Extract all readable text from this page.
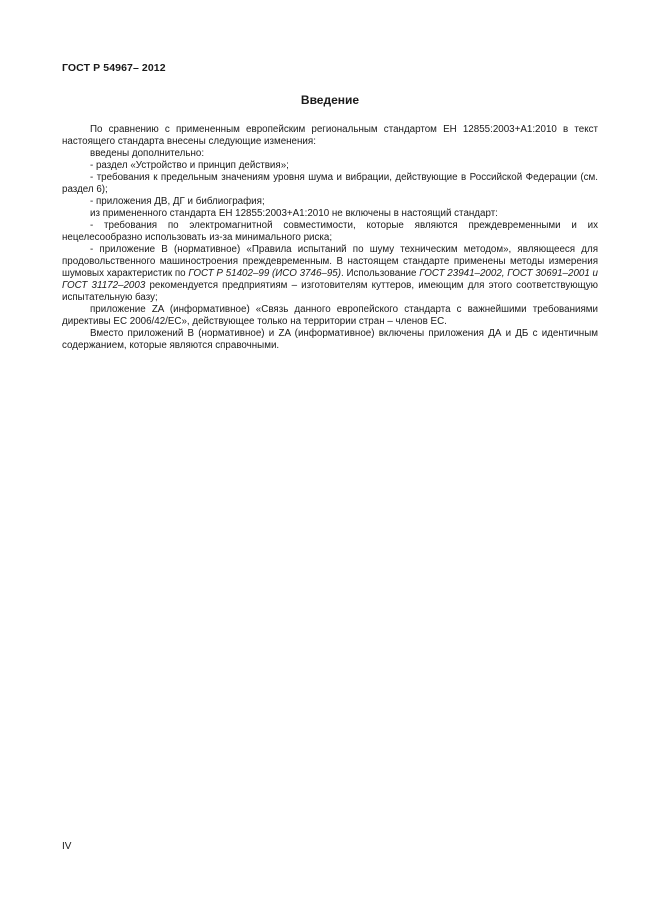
ГОСТ Р 54967– 2012
Введение

По сравнению с примененным европейским региональным стандартом ЕН 12855:2003+A1:2010 в текст настоящего стандарта внесены следующие изменения:

введены дополнительно:

- раздел «Устройство и принцип действия»;

- требования к предельным значениям уровня шума и вибрации, действующие в Российской Федерации (см. раздел 6);

- приложения ДВ, ДГ и библиография;

из примененного стандарта ЕН 12855:2003+A1:2010 не включены в настоящий стандарт:

- требования по электромагнитной совместимости, которые являются преждевременными и их нецелесообразно использовать из-за минимального риска;

- приложение В (нормативное) «Правила испытаний по шуму техническим методом», являющееся для продовольственного машиностроения преждевременным. В настоящем стандарте применены методы измерения шумовых характеристик по ГОСТ Р 51402–99 (ИСО 3746–95). Использование ГОСТ 23941–2002, ГОСТ 30691–2001 и ГОСТ 31172–2003 рекомендуется предприятиям – изготовителям куттеров, имеющим для этого соответствующую испытательную базу;

приложение ZA (информативное) «Связь данного европейского стандарта с важнейшими требованиями директивы ЕС 2006/42/ЕС», действующее только на территории стран – членов ЕС.

Вместо приложений В (нормативное) и ZA (информативное) включены приложения ДА и ДБ с идентичным содержанием, которые являются справочными.

IV
